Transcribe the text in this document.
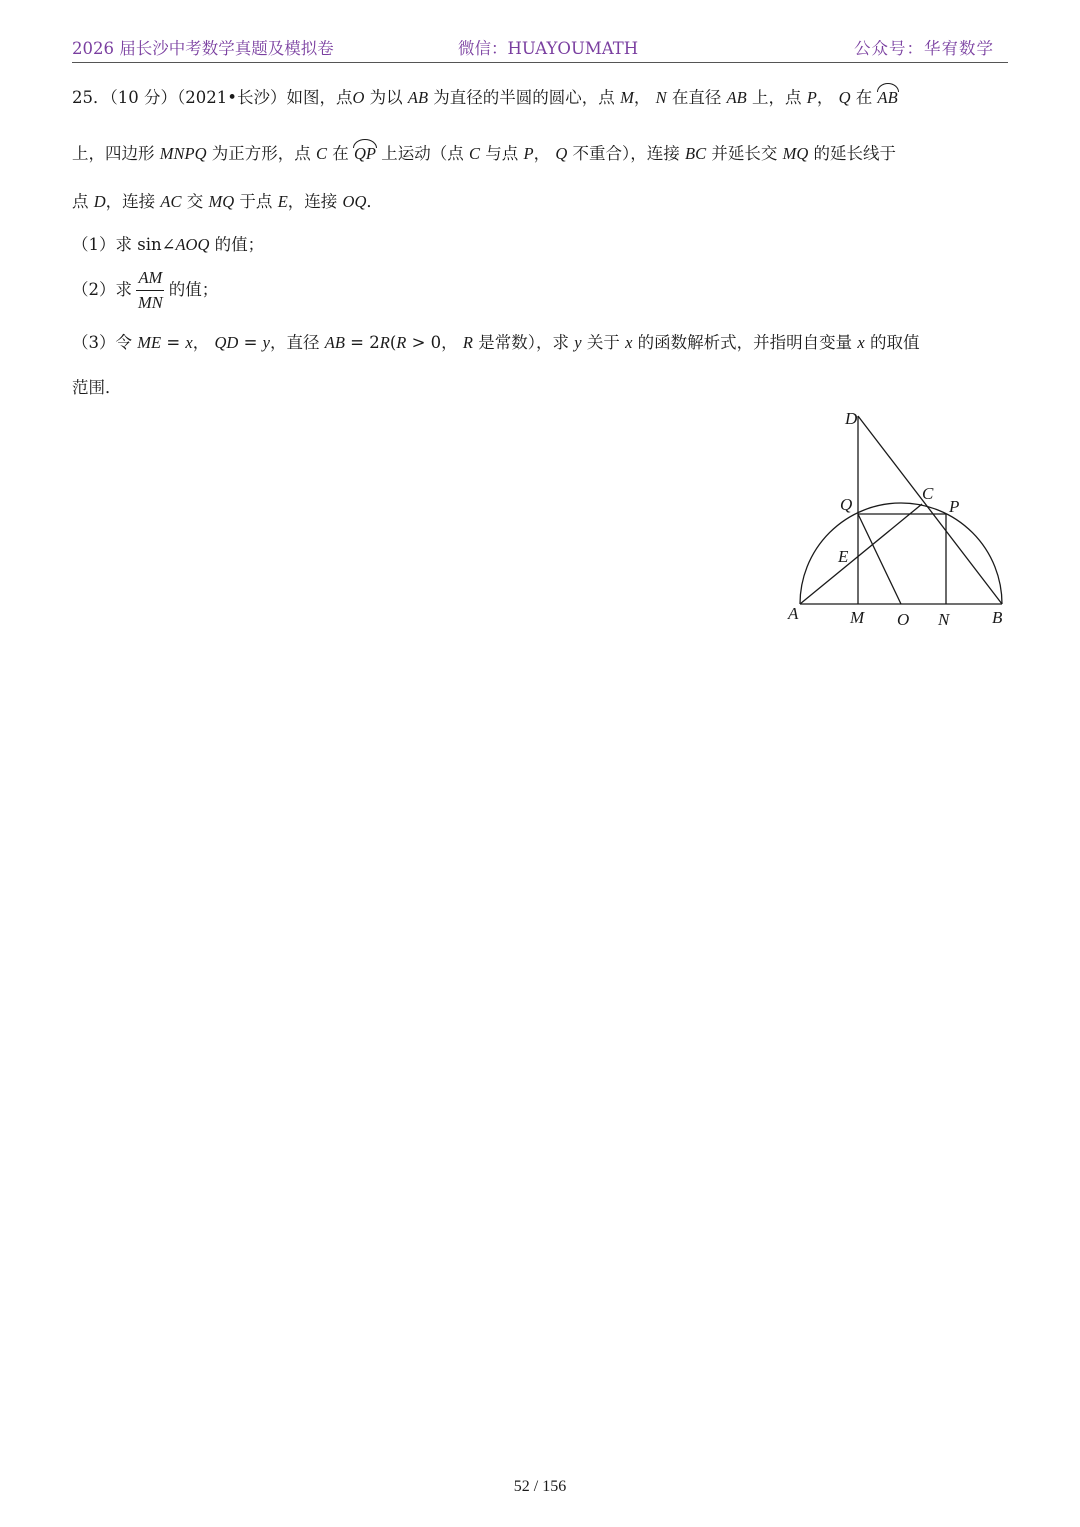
2026 届长沙中考数学真题及模拟卷	微信：HUAYOUMATH	公众号：华宥数学
25．（10 分）（2021•长沙）如图，点O 为以 AB 为直径的半圆的圆心，点 M， N 在直径 AB 上，点 P， Q 在 AB
上，四边形 MNPQ 为正方形，点 C 在 QP 上运动（点 C 与点 P， Q 不重合），连接 BC 并延长交 MQ 的延长线于
点 D，连接 AC 交 MQ 于点 E，连接 OQ．
（1）求 sin∠AOQ 的值；
（2）求 $\frac{AM}{MN}$ 的值；
（3）令 ME = x， QD = y，直径 AB = 2R(R > 0， R 是常数），求 y 关于 x 的函数解析式，并指明自变量 x 的取值
范围．
D
Q
C
P
E
A	M O N	B
52 / 156
